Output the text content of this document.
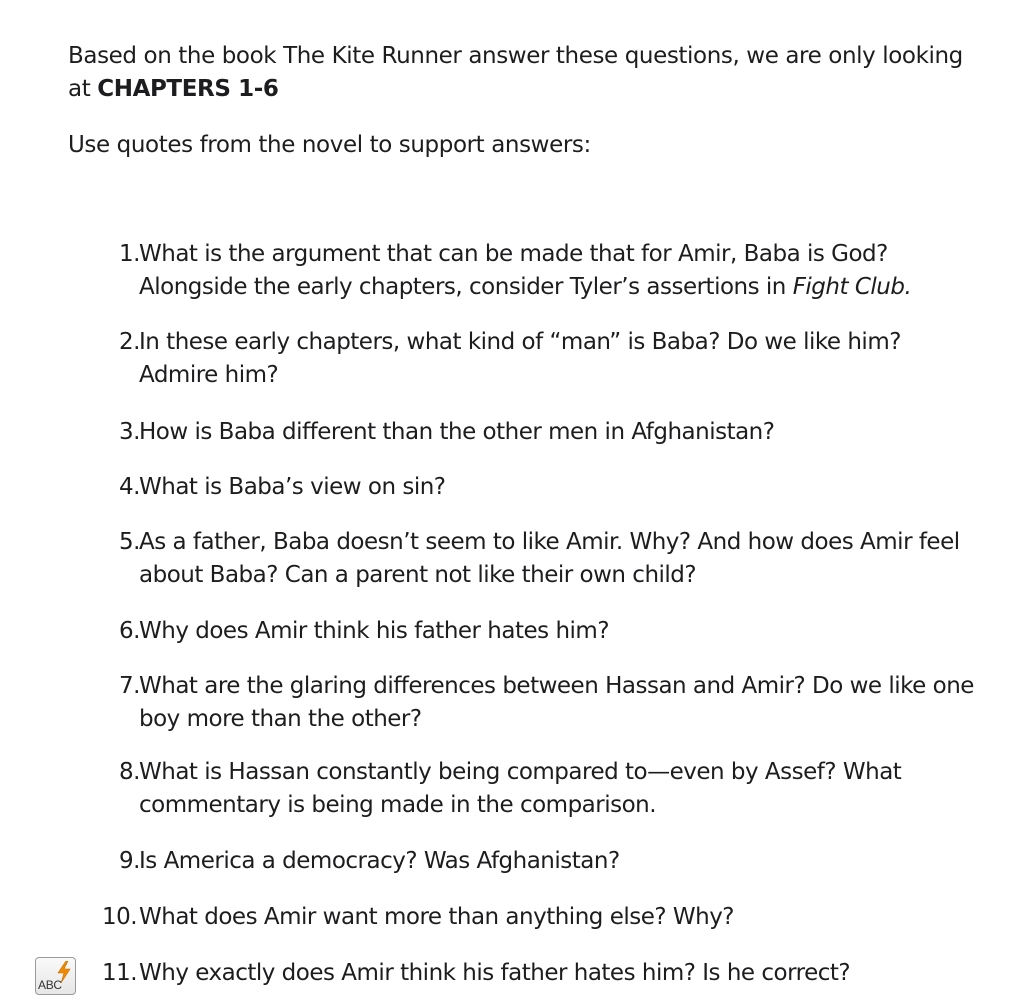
Based on the book The Kite Runner answer these questions, we are only looking at CHAPTERS 1-6

Use quotes from the novel to support answers:

1. What is the argument that can be made that for Amir, Baba is God? Alongside the early chapters, consider Tyler’s assertions in Fight Club.
2. In these early chapters, what kind of “man” is Baba? Do we like him? Admire him?
3. How is Baba different than the other men in Afghanistan?
4. What is Baba’s view on sin?
5. As a father, Baba doesn’t seem to like Amir. Why? And how does Amir feel about Baba? Can a parent not like their own child?
6. Why does Amir think his father hates him?
7. What are the glaring differences between Hassan and Amir? Do we like one boy more than the other?
8. What is Hassan constantly being compared to—even by Assef? What commentary is being made in the comparison.
9. Is America a democracy? Was Afghanistan?
10. What does Amir want more than anything else? Why?
11. Why exactly does Amir think his father hates him? Is he correct?
ABC
